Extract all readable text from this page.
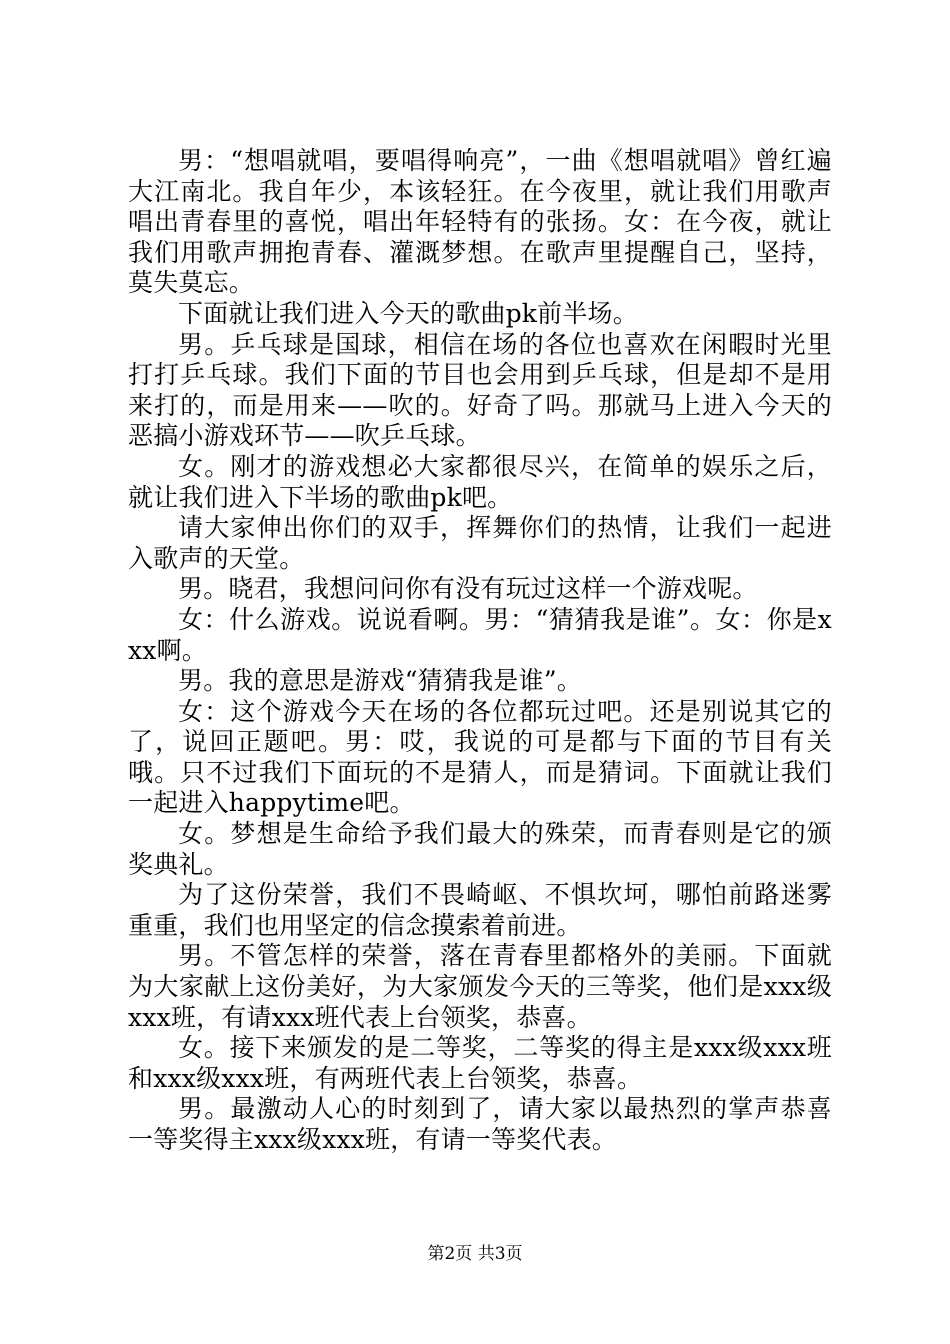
男：“想唱就唱，要唱得响亮”，一曲《想唱就唱》曾红遍大江南北。我自年少，本该轻狂。在今夜里，就让我们用歌声唱出青春里的喜悦，唱出年轻特有的张扬。女：在今夜，就让我们用歌声拥抱青春、灌溉梦想。在歌声里提醒自己，坚持，莫失莫忘。

下面就让我们进入今天的歌曲pk前半场。

男。乒乓球是国球，相信在场的各位也喜欢在闲暇时光里打打乒乓球。我们下面的节目也会用到乒乓球，但是却不是用来打的，而是用来——吹的。好奇了吗。那就马上进入今天的恶搞小游戏环节——吹乒乓球。

女。刚才的游戏想必大家都很尽兴，在简单的娱乐之后，就让我们进入下半场的歌曲pk吧。

请大家伸出你们的双手，挥舞你们的热情，让我们一起进入歌声的天堂。

男。晓君，我想问问你有没有玩过这样一个游戏呢。

女：什么游戏。说说看啊。男：“猜猜我是谁”。女：你是xxx啊。

男。我的意思是游戏“猜猜我是谁”。

女：这个游戏今天在场的各位都玩过吧。还是别说其它的了，说回正题吧。男：哎，我说的可是都与下面的节目有关哦。只不过我们下面玩的不是猜人，而是猜词。下面就让我们一起进入happytime吧。

女。梦想是生命给予我们最大的殊荣，而青春则是它的颁奖典礼。

为了这份荣誉，我们不畏崎岖、不惧坎坷，哪怕前路迷雾重重，我们也用坚定的信念摸索着前进。

男。不管怎样的荣誉，落在青春里都格外的美丽。下面就为大家献上这份美好，为大家颁发今天的三等奖，他们是xxx级xxx班，有请xxx班代表上台领奖，恭喜。

女。接下来颁发的是二等奖，二等奖的得主是xxx级xxx班和xxx级xxx班，有两班代表上台领奖，恭喜。

男。最激动人心的时刻到了，请大家以最热烈的掌声恭喜一等奖得主xxx级xxx班，有请一等奖代表。

第2页 共3页
